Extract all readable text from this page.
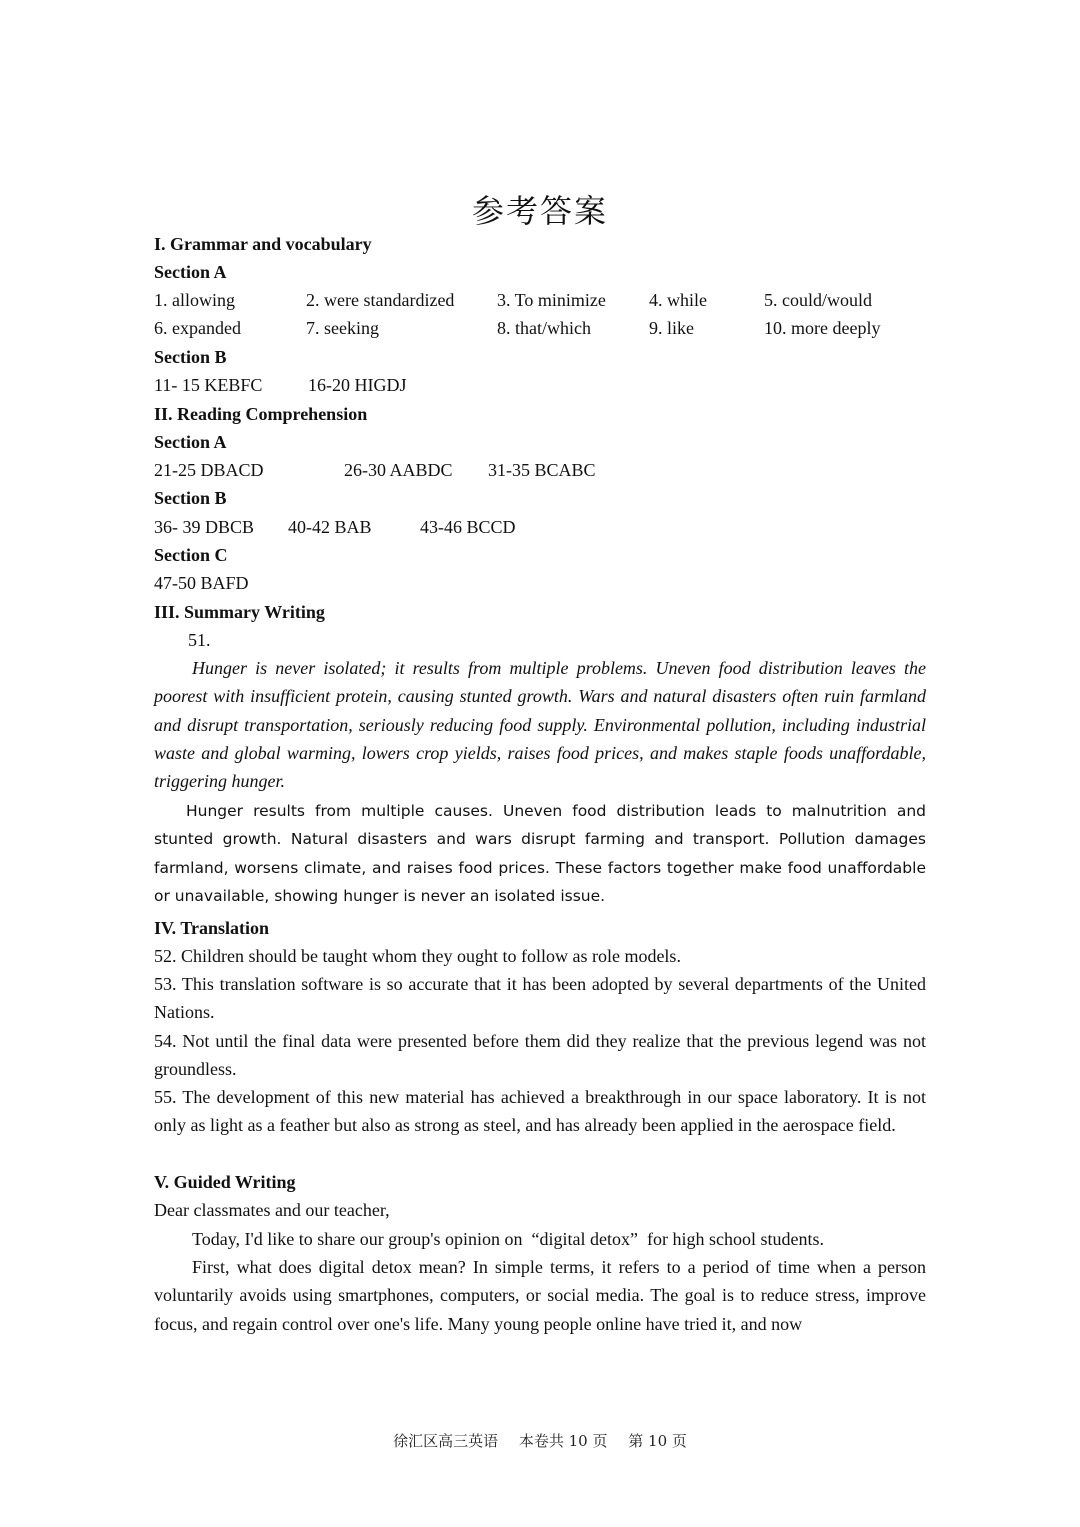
参考答案
I. Grammar and vocabulary
Section A
1. allowing	2. were standardized 3. To minimize 4. while	5. could/would
6. expanded	7. seeking	8. that/which	9. like	10. more deeply
Section B
11- 15 KEBFC	16-20 HIGDJ
II. Reading Comprehension
Section A
21-25 DBACD	26-30 AABDC 31-35 BCABC
Section B
36- 39 DBCB 40-42 BAB	43-46 BCCD
Section C
47-50 BAFD
III. Summary Writing
51.
Hunger is never isolated; it results from multiple problems. Uneven food distribution leaves the poorest with insufficient protein, causing stunted growth. Wars and natural disasters often ruin farmland and disrupt transportation, seriously reducing food supply. Environmental pollution, including industrial waste and global warming, lowers crop yields, raises food prices, and makes staple foods unaffordable, triggering hunger.
Hunger results from multiple causes. Uneven food distribution leads to malnutrition and stunted growth. Natural disasters and wars disrupt farming and transport. Pollution damages farmland, worsens climate, and raises food prices. These factors together make food unaffordable or unavailable, showing hunger is never an isolated issue.
IV. Translation
52. Children should be taught whom they ought to follow as role models.
53. This translation software is so accurate that it has been adopted by several departments of the United Nations.
54. Not until the final data were presented before them did they realize that the previous legend was not groundless.
55. The development of this new material has achieved a breakthrough in our space laboratory. It is not only as light as a feather but also as strong as steel, and has already been applied in the aerospace field.
V. Guided Writing
Dear classmates and our teacher,
Today, I'd like to share our group's opinion on  “digital detox”  for high school students.
First, what does digital detox mean? In simple terms, it refers to a period of time when a person voluntarily avoids using smartphones, computers, or social media. The goal is to reduce stress, improve focus, and regain control over one's life. Many young people online have tried it, and now
徐汇区高三英语 本卷共 10 页 第 10 页
